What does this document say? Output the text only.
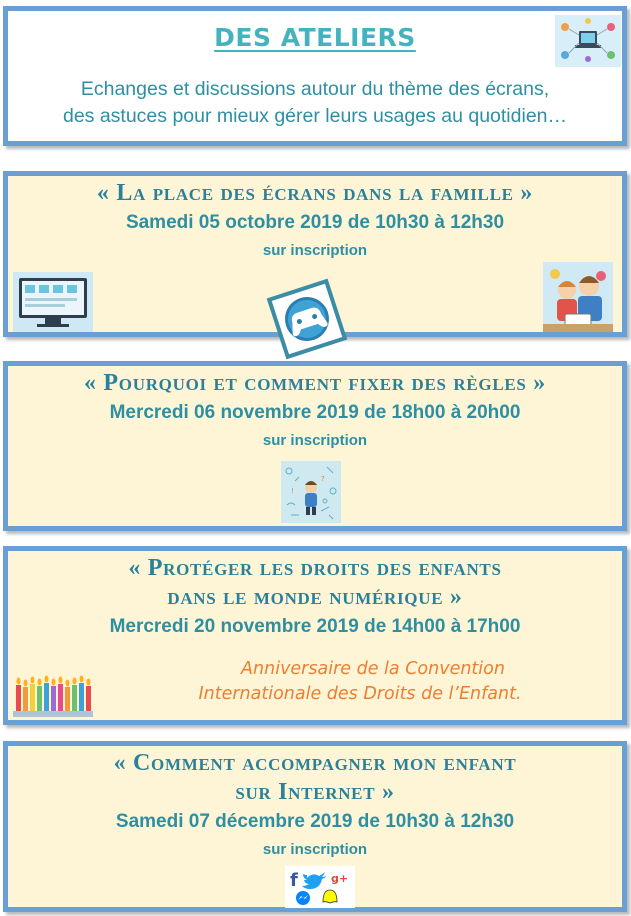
DES ATELIERS
Echanges et discussions autour du thème des écrans,
des astuces pour mieux gérer leurs usages au quotidien…
« La place des écrans dans la famille »
Samedi 05 octobre 2019 de 10h30 à 12h30
sur inscription
« Pourquoi et comment fixer des règles »
Mercredi 06 novembre 2019 de 18h00 à 20h00
sur inscription
?
!
« Protéger les droits des enfants
dans le monde numérique »
Mercredi 20 novembre 2019 de 14h00 à 17h00
Anniversaire de la Convention
Internationale des Droits de l’Enfant.
« Comment accompagner mon enfant
sur Internet »
Samedi 07 décembre 2019 de 10h30 à 12h30
sur inscription
f	g+
